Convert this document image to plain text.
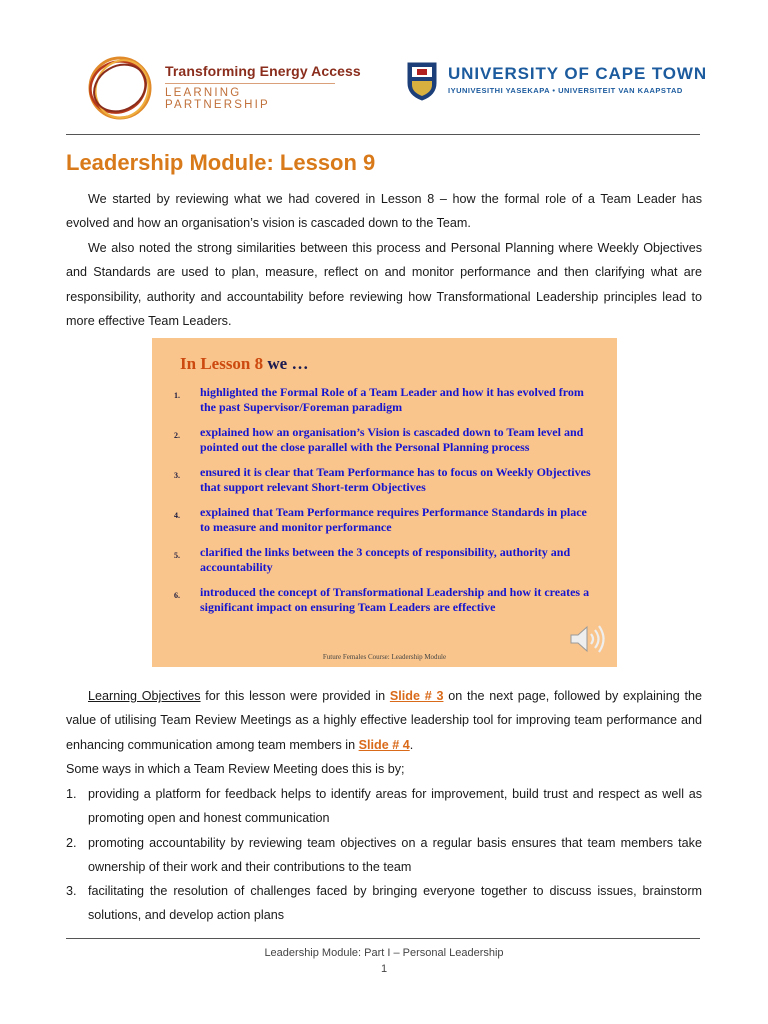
Transforming Energy Access
LEARNING PARTNERSHIP
UNIVERSITY OF CAPE TOWN
IYUNIVESITHI YASEKAPA • UNIVERSITEIT VAN KAAPSTAD
Leadership Module: Lesson 9

We started by reviewing what we had covered in Lesson 8 – how the formal role of a Team Leader has evolved and how an organisation’s vision is cascaded down to the Team.

We also noted the strong similarities between this process and Personal Planning where Weekly Objectives and Standards are used to plan, measure, reflect on and monitor performance and then clarifying what are responsibility, authority and accountability before reviewing how Transformational Leadership principles lead to more effective Team Leaders.

In Lesson 8 we …
1. highlighted the Formal Role of a Team Leader and how it has evolved from the past Supervisor/Foreman paradigm
2. explained how an organisation’s Vision is cascaded down to Team level and pointed out the close parallel with the Personal Planning process
3. ensured it is clear that Team Performance has to focus on Weekly Objectives that support relevant Short-term Objectives
4. explained that Team Performance requires Performance Standards in place to measure and monitor performance
5. clarified the links between the 3 concepts of responsibility, authority and accountability
6. introduced the concept of Transformational Leadership and how it creates a significant impact on ensuring Team Leaders are effective
Future Females Course: Leadership Module

Learning Objectives for this lesson were provided in Slide # 3 on the next page, followed by explaining the value of utilising Team Review Meetings as a highly effective leadership tool for improving team performance and enhancing communication among team members in Slide # 4.

Some ways in which a Team Review Meeting does this is by;
1. providing a platform for feedback helps to identify areas for improvement, build trust and respect as well as promoting open and honest communication
2. promoting accountability by reviewing team objectives on a regular basis ensures that team members take ownership of their work and their contributions to the team
3. facilitating the resolution of challenges faced by bringing everyone together to discuss issues, brainstorm solutions, and develop action plans
Leadership Module: Part I – Personal Leadership
1
